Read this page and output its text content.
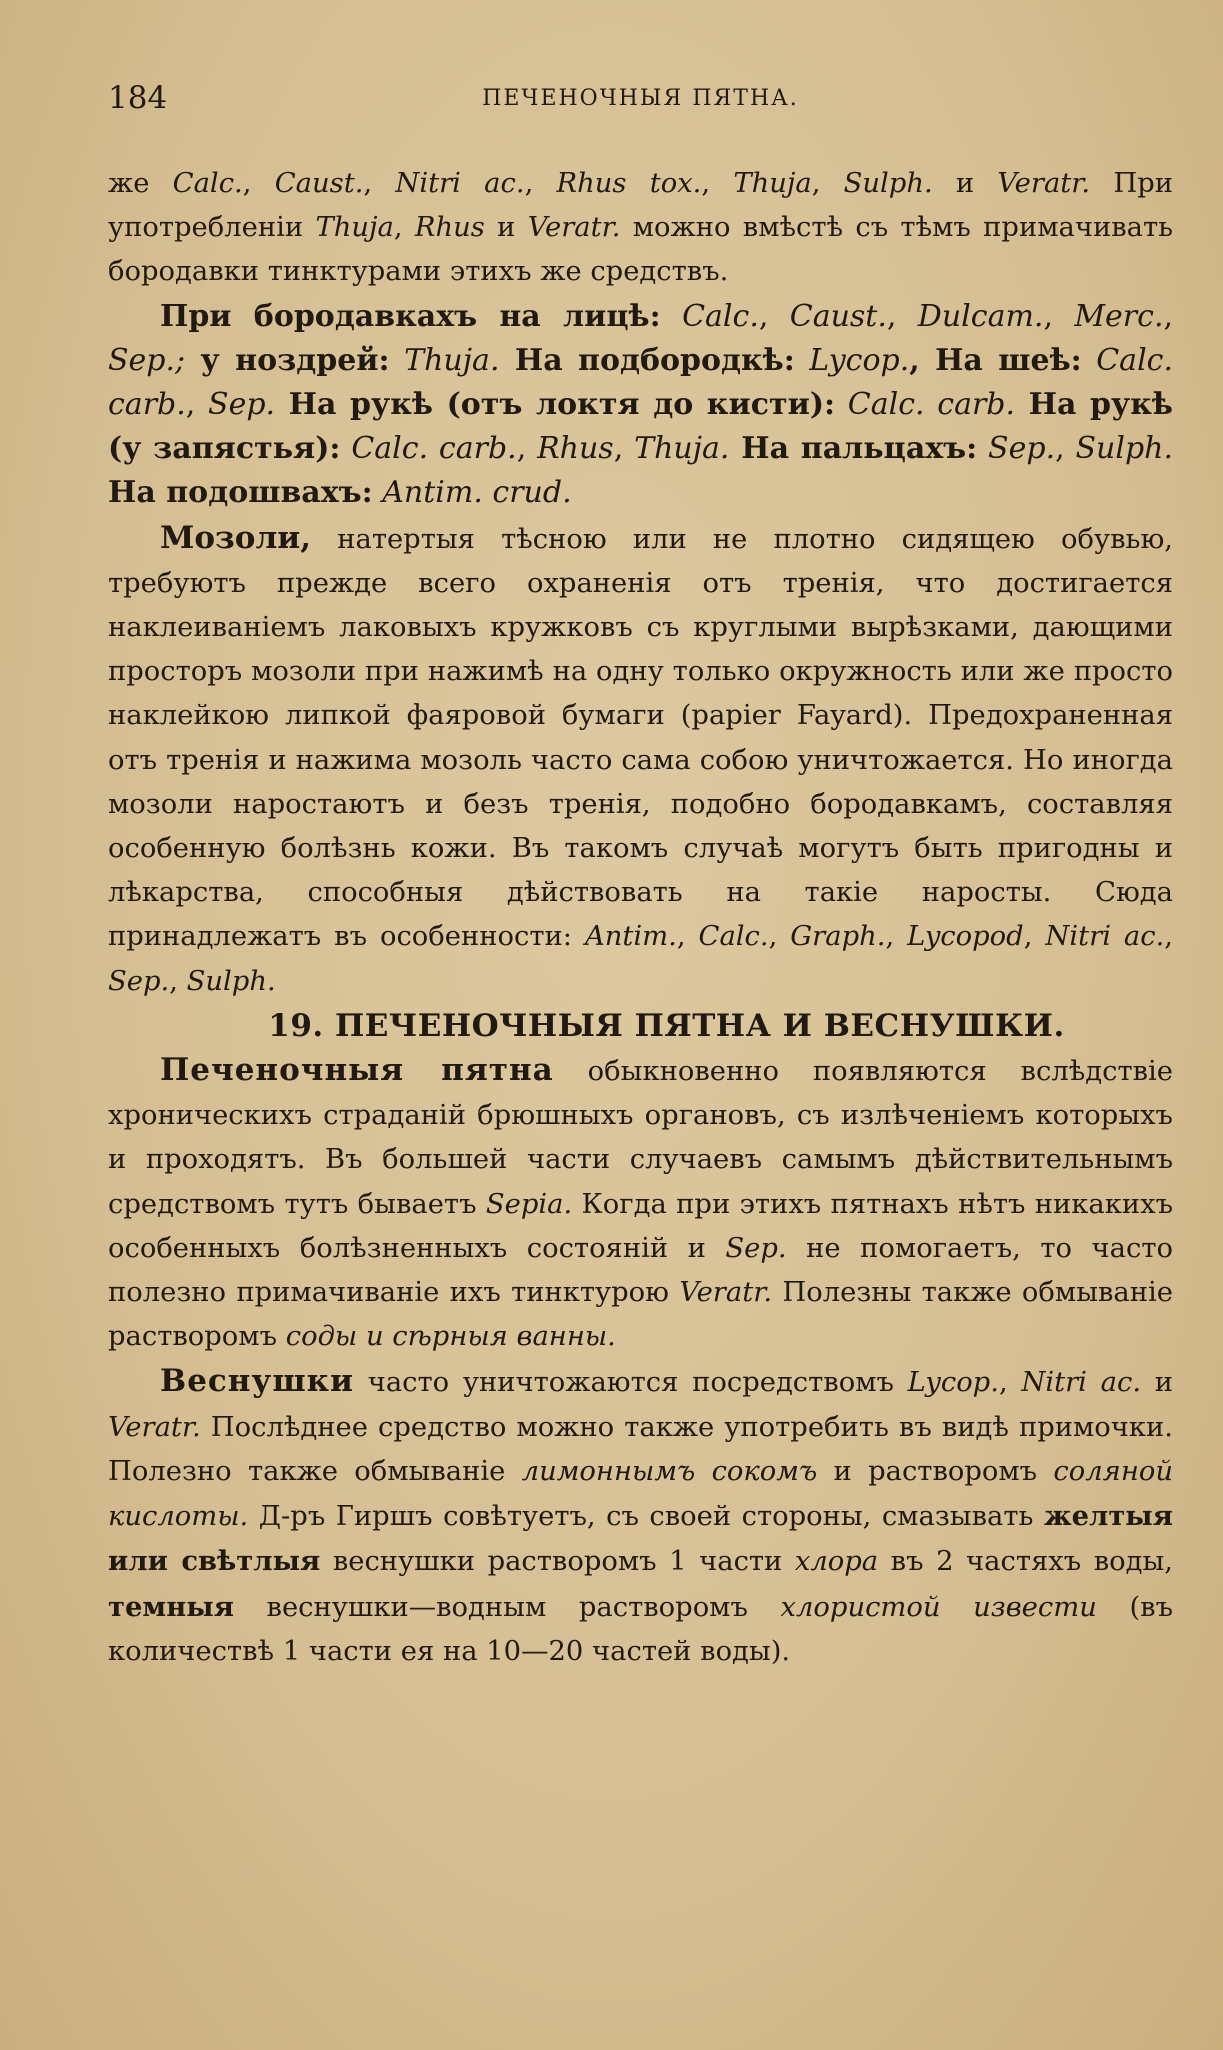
184	ПЕЧЕНОЧНЫЯ ПЯТНА.

же Calc., Caust., Nitri ac., Rhus tox., Thuja, Sulph. и Veratr. При употребленіи Thuja, Rhus и Veratr. можно вмѣстѣ съ тѣмъ примачивать бородавки тинктурами этихъ же средствъ.

При бородавкахъ на лицѣ: Calc., Caust., Dulcam., Merc., Sep.; у ноздрей: Thuja. На подбородкѣ: Lycop., На шеѣ: Calc. carb., Sep. На рукѣ (отъ локтя до кисти): Calc. carb. На рукѣ (у запястья): Calc. carb., Rhus, Thuja. На пальцахъ: Sep., Sulph. На подошвахъ: Antim. crud.

Мозоли, натертыя тѣсною или не плотно сидящею обувью, требуютъ прежде всего охраненія отъ тренія, что достигается наклеиваніемъ лаковыхъ кружковъ съ круглыми вырѣзками, дающими просторъ мозоли при нажимѣ на одну только окружность или же просто наклейкою липкой фаяровой бумаги (papier Fayard). Предохраненная отъ тренія и нажима мозоль часто сама собою уничтожается. Но иногда мозоли наростаютъ и безъ тренія, подобно бородавкамъ, составляя особенную болѣзнь кожи. Въ такомъ случаѣ могутъ быть пригодны и лѣкарства, способныя дѣйствовать на такіе наросты. Сюда принадлежатъ въ особенности: Antim., Calc., Graph., Lycopod, Nitri ac., Sep., Sulph.

19. ПЕЧЕНОЧНЫЯ ПЯТНА И ВЕСНУШКИ.

Печеночныя пятна обыкновенно появляются вслѣдствіе хроническихъ страданій брюшныхъ органовъ, съ излѣченіемъ которыхъ и проходятъ. Въ большей части случаевъ самымъ дѣйствительнымъ средствомъ тутъ бываетъ Sepia. Когда при этихъ пятнахъ нѣтъ никакихъ особенныхъ болѣзненныхъ состояній и Sep. не помогаетъ, то часто полезно примачиваніе ихъ тинктурою Veratr. Полезны также обмываніе растворомъ соды и сѣрныя ванны.

Веснушки часто уничтожаются посредствомъ Lycop., Nitri ac. и Veratr. Послѣднее средство можно также употребить въ видѣ примочки. Полезно также обмываніе лимоннымъ сокомъ и растворомъ соляной кислоты. Д-ръ Гиршъ совѣтуетъ, съ своей стороны, смазывать желтыя или свѣтлыя веснушки растворомъ 1 части хлора въ 2 частяхъ воды, темныя веснушки—водным растворомъ хлористой извести (въ количествѣ 1 части ея на 10—20 частей воды).
